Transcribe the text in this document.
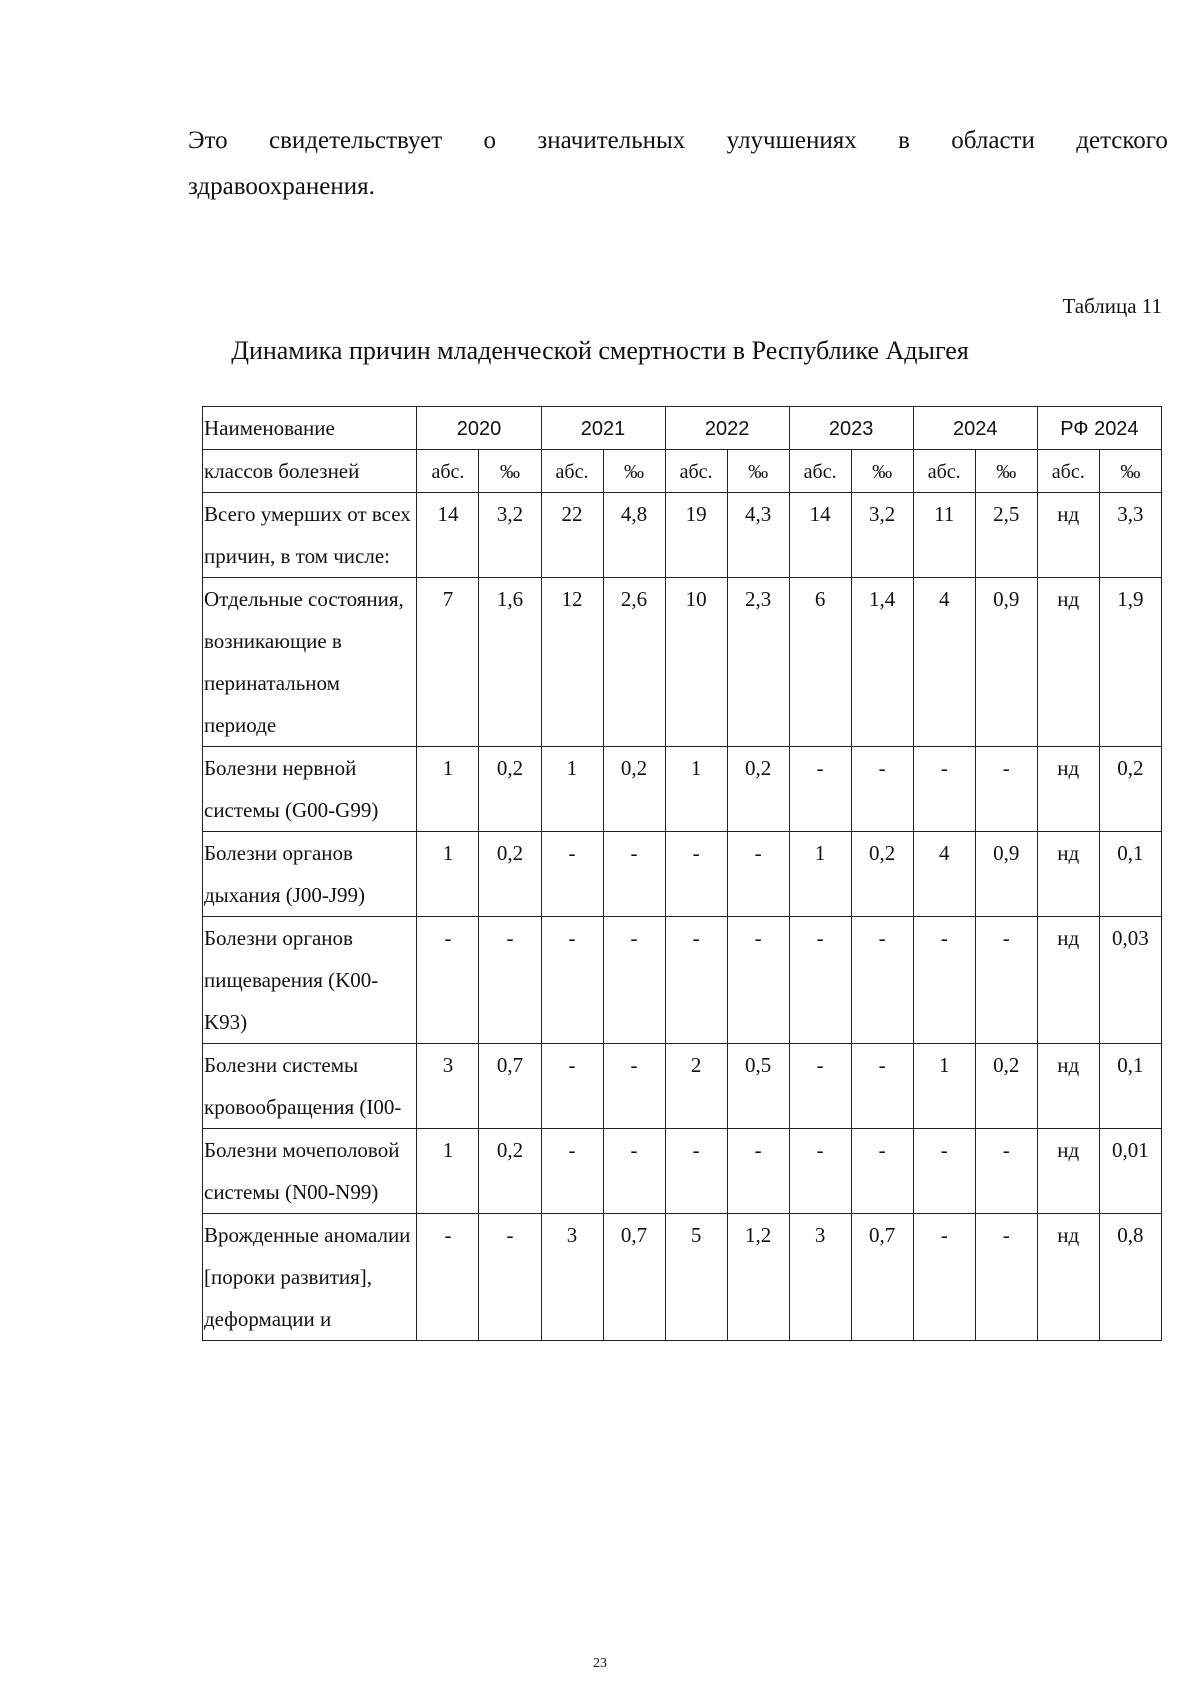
Это свидетельствует о значительных улучшениях в области детского
здравоохранения.
Таблица 11
Динамика причин младенческой смертности в Республике Адыгея
Наименование	2020		2021		2022		2023		2024		РФ 2024	
классов болезней	абс.	‰	абс.	‰	абс.	‰	абс.	‰	абс.	‰	абс.	‰
Всего умерших от всех причин, в том числе:	14	3,2	22	4,8	19	4,3	14	3,2	11	2,5	нд	3,3
Отдельные состояния, возникающие в перинатальном периоде	7	1,6	12	2,6	10	2,3	6	1,4	4	0,9	нд	1,9
Болезни нервной системы (G00-G99)	1	0,2	1	0,2	1	0,2	-	-	-	-	нд	0,2
Болезни органов дыхания (J00-J99)	1	0,2	-	-	-	-	1	0,2	4	0,9	нд	0,1
Болезни органов пищеварения (K00-K93)	-	-	-	-	-	-	-	-	-	-	нд	0,03
Болезни системы кровообращения (I00-	3	0,7	-	-	2	0,5	-	-	1	0,2	нд	0,1
Болезни мочеполовой системы (N00-N99)	1	0,2	-	-	-	-	-	-	-	-	нд	0,01
Врожденные аномалии [пороки развития], деформации и	-	-	3	0,7	5	1,2	3	0,7	-	-	нд	0,8
23
